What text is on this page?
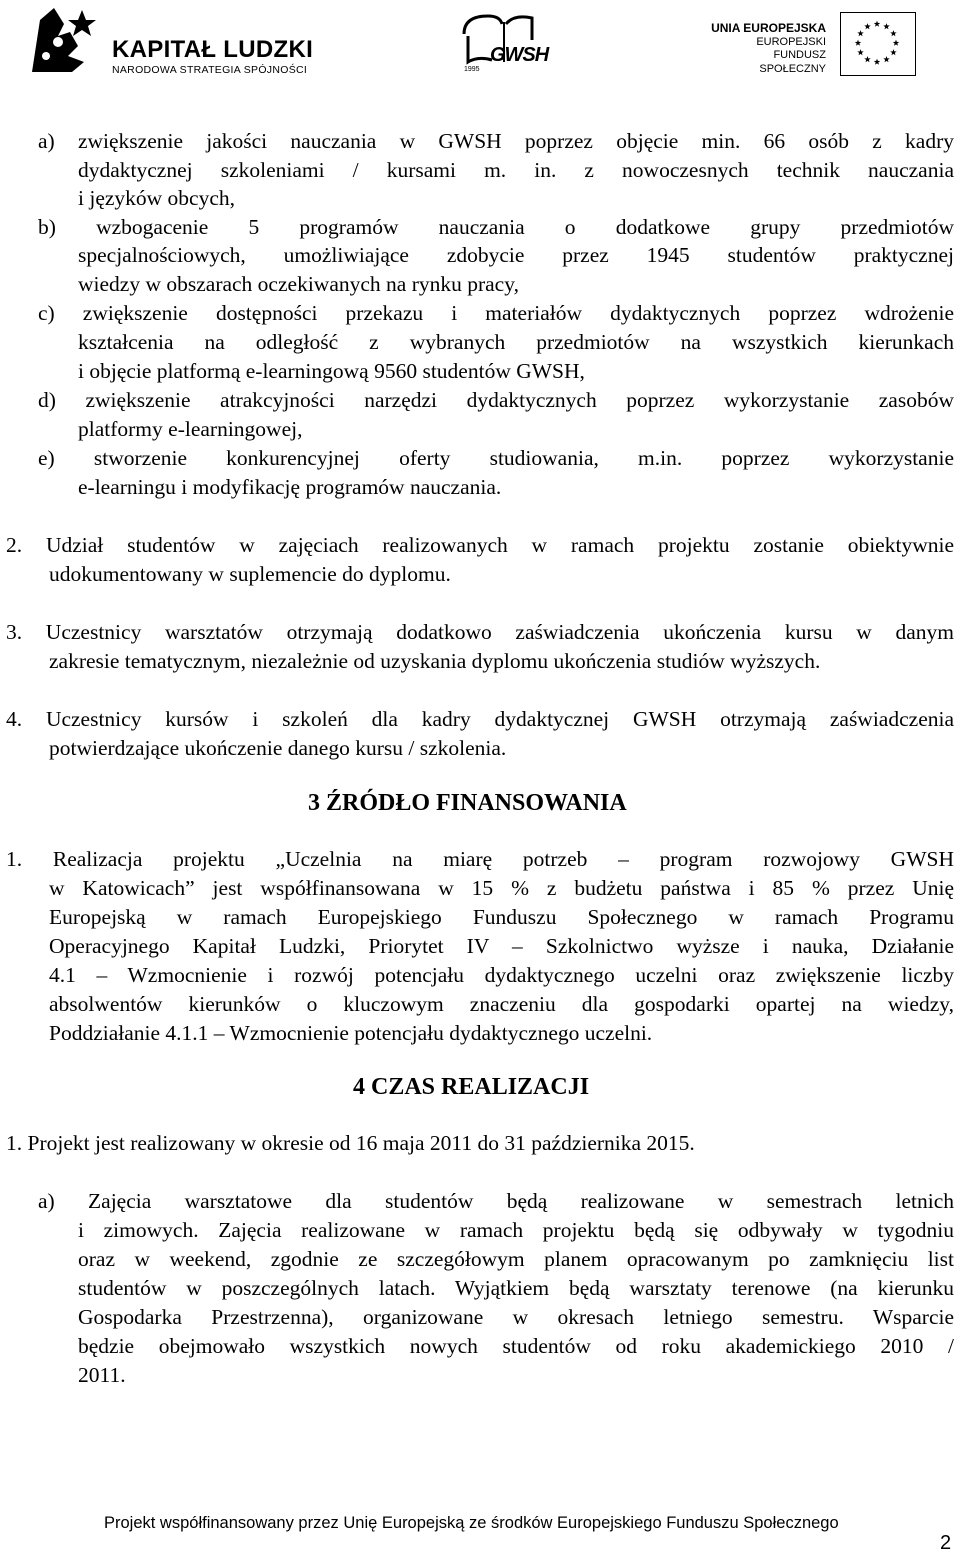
KAPITAŁ LUDZKI
NARODOWA STRATEGIA SPÓJNOŚCI
GWSH
1995
UNIA EUROPEJSKA
EUROPEJSKI
FUNDUSZ SPOŁECZNY
a) zwiększenie jakości nauczania w GWSH poprzez objęcie min. 66 osób z kadry
dydaktycznej szkoleniami / kursami m. in. z nowoczesnych technik nauczania
i języków obcych,
b) wzbogacenie 5 programów nauczania o dodatkowe grupy przedmiotów
specjalnościowych, umożliwiające zdobycie przez 1945 studentów praktycznej
wiedzy w obszarach oczekiwanych na rynku pracy,
c) zwiększenie dostępności przekazu i materiałów dydaktycznych poprzez wdrożenie
kształcenia na odległość z wybranych przedmiotów na wszystkich kierunkach
i objęcie platformą e-learningową 9560 studentów GWSH,
d) zwiększenie atrakcyjności narzędzi dydaktycznych poprzez wykorzystanie zasobów
platformy e-learningowej,
e) stworzenie konkurencyjnej oferty studiowania, m.in. poprzez wykorzystanie
e-learningu i modyfikację programów nauczania.
2. Udział studentów w zajęciach realizowanych w ramach projektu zostanie obiektywnie
udokumentowany w suplemencie do dyplomu.
3. Uczestnicy warsztatów otrzymają dodatkowo zaświadczenia ukończenia kursu w danym
zakresie tematycznym, niezależnie od uzyskania dyplomu ukończenia studiów wyższych.
4. Uczestnicy kursów i szkoleń dla kadry dydaktycznej GWSH otrzymają zaświadczenia
potwierdzające ukończenie danego kursu / szkolenia.
1. Realizacja projektu „Uczelnia na miarę potrzeb – program rozwojowy GWSH
w Katowicach” jest współfinansowana w 15 % z budżetu państwa i 85 % przez Unię
Europejską w ramach Europejskiego Funduszu Społecznego w ramach Programu
Operacyjnego Kapitał Ludzki, Priorytet IV – Szkolnictwo wyższe i nauka, Działanie
4.1 – Wzmocnienie i rozwój potencjału dydaktycznego uczelni oraz zwiększenie liczby
absolwentów kierunków o kluczowym znaczeniu dla gospodarki opartej na wiedzy,
Poddziałanie 4.1.1 – Wzmocnienie potencjału dydaktycznego uczelni.
1. Projekt jest realizowany w okresie od 16 maja 2011 do 31 października 2015.
a) Zajęcia warsztatowe dla studentów będą realizowane w semestrach letnich
i zimowych. Zajęcia realizowane w ramach projektu będą się odbywały w tygodniu
oraz w weekend, zgodnie ze szczegółowym planem opracowanym po zamknięciu list
studentów w poszczególnych latach. Wyjątkiem będą warsztaty terenowe (na kierunku
Gospodarka Przestrzenna), organizowane w okresach letniego semestru. Wsparcie
będzie obejmowało wszystkich nowych studentów od roku akademickiego 2010 /
2011.
3 ŹRÓDŁO FINANSOWANIA
4 CZAS REALIZACJI
Projekt współfinansowany przez Unię Europejską ze środków Europejskiego Funduszu Społecznego
2
